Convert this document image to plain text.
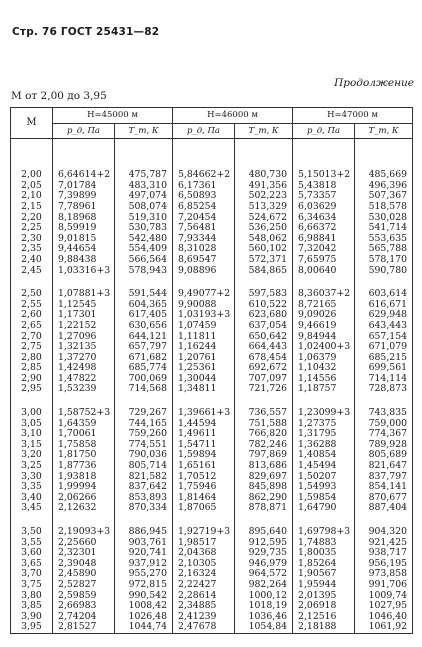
Стр. 76 ГОСТ 25431—82
Продолжение
M от 2,00 до 3,95
M	H=45000 м		H=46000 м		H=47000 м	
	p_д, Па	T_т, К	p_д, Па	T_т, К	p_д, Па	T_т, К
2,00	6,64614+2	475,787	5,84662+2	480,730	5,15013+2	485,669
2,05	7,01784	483,310	6,17361	491,356	5,43818	496,396
2,10	7,39899	497,074	6,50893	502,223	5,73357	507,367
2,15	7,78961	508,074	6,85254	513,329	6,03629	518,578
2,20	8,18968	519,310	7,20454	524,672	6,34634	530,028
2,25	8,59919	530,783	7,56481	536,250	6,66372	541,714
2,30	9,01815	542,480	7,93344	548,062	6,98841	553,635
2,35	9,44654	554,409	8,31028	560,102	7,32042	565,788
2,40	9,88438	566,564	8,69547	572,371	7,65975	578,170
2,45	1,03316+3	578,943	9,08896	584,865	8,00640	590,780
2,50	1,07881+3	591,544	9,49077+2	597,583	8,36037+2	603,614
2,55	1,12545	604,365	9,90088	610,522	8,72165	616,671
2,60	1,17301	617,405	1,03193+3	623,680	9,09026	629,948
2,65	1,22152	630,656	1,07459	637,054	9,46619	643,443
2,70	1,27096	644,121	1,11811	650,642	9,84944	657,154
2,75	1,32135	657,797	1,16244	664,443	1,02400+3	671,079
2,80	1,37270	671,682	1,20761	678,454	1,06379	685,215
2,85	1,42498	685,774	1,25361	692,672	1,10432	699,561
2,90	1,47822	700,069	1,30044	707,097	1,14556	714,114
2,95	1,53239	714,568	1,34811	721,726	1,18757	728,873
3,00	1,58752+3	729,267	1,39661+3	736,557	1,23099+3	743,835
3,05	1,64359	744,165	1,44594	751,588	1,27375	759,000
3,10	1,70061	759,260	1,49611	766,820	1,31795	774,367
3,15	1,75858	774,551	1,54711	782,246	1,36288	789,928
3,20	1,81750	790,036	1,59894	797,869	1,40854	805,689
3,25	1,87736	805,714	1,65161	813,686	1,45494	821,647
3,30	1,93818	821,582	1,70512	829,697	1,50207	837,797
3,35	1,99994	837,642	1,75946	845,898	1,54993	854,141
3,40	2,06266	853,893	1,81464	862,290	1,59854	870,677
3,45	2,12632	870,334	1,87065	878,871	1,64790	887,404
3,50	2,19093+3	886,945	1,92719+3	895,640	1,69798+3	904,320
3,55	2,25660	903,761	1,98517	912,595	1,74883	921,425
3,60	2,32301	920,741	2,04368	929,735	1,80035	938,717
3,65	2,39048	937,912	2,10305	946,979	1,85264	956,195
3,70	2,45890	955,270	2,16324	964,572	1,90567	973,858
3,75	2,52827	972,815	2,22427	982,264	1,95944	991,706
3,80	2,59859	990,542	2,28614	1000,12	2,01395	1009,74
3,85	2,66983	1008,42	2,34885	1018,19	2,06918	1027,95
3,90	2,74204	1026,48	2,41239	1036,46	2,12516	1046,40
3,95	2,81527	1044,74	2,47678	1054,84	2,18188	1061,92
